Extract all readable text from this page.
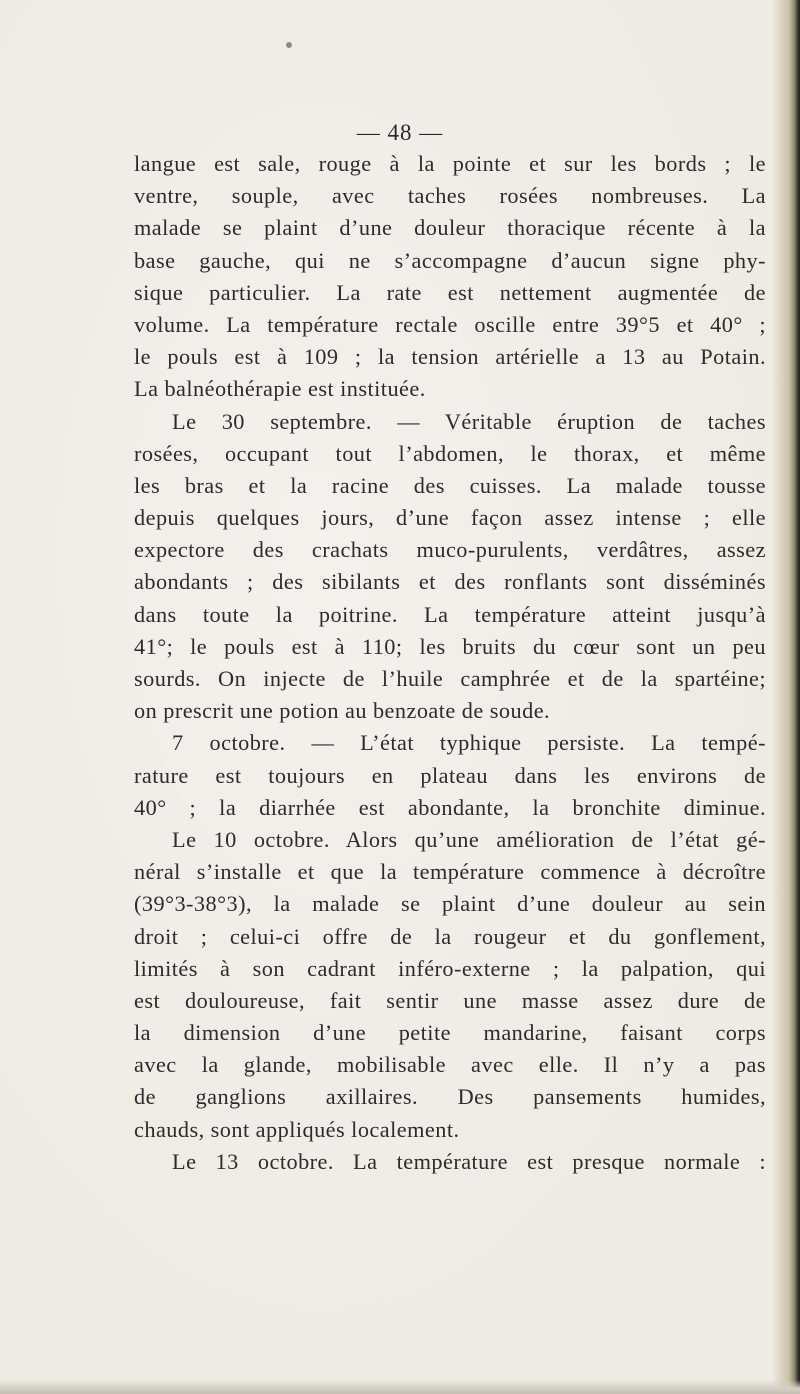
— 48 —
langue est sale, rouge à la pointe et sur les bords ; le
ventre, souple, avec taches rosées nombreuses. La
malade se plaint d’une douleur thoracique récente à la
base gauche, qui ne s’accompagne d’aucun signe phy-
sique particulier. La rate est nettement augmentée de
volume. La température rectale oscille entre 39°5 et 40° ;
le pouls est à 109 ; la tension artérielle a 13 au Potain.
La balnéothérapie est instituée.
Le 30 septembre. — Véritable éruption de taches
rosées, occupant tout l’abdomen, le thorax, et même
les bras et la racine des cuisses. La malade tousse
depuis quelques jours, d’une façon assez intense ; elle
expectore des crachats muco-purulents, verdâtres, assez
abondants ; des sibilants et des ronflants sont disséminés
dans toute la poitrine. La température atteint jusqu’à
41°; le pouls est à 110; les bruits du cœur sont un peu
sourds. On injecte de l’huile camphrée et de la spartéine;
on prescrit une potion au benzoate de soude.
7 octobre. — L’état typhique persiste. La tempé-
rature est toujours en plateau dans les environs de
40° ; la diarrhée est abondante, la bronchite diminue.
Le 10 octobre. Alors qu’une amélioration de l’état gé-
néral s’installe et que la température commence à décroître
(39°3-38°3), la malade se plaint d’une douleur au sein
droit ; celui-ci offre de la rougeur et du gonflement,
limités à son cadrant inféro-externe ; la palpation, qui
est douloureuse, fait sentir une masse assez dure de
la dimension d’une petite mandarine, faisant corps
avec la glande, mobilisable avec elle. Il n’y a pas
de ganglions axillaires. Des pansements humides,
chauds, sont appliqués localement.
Le 13 octobre. La température est presque normale :
